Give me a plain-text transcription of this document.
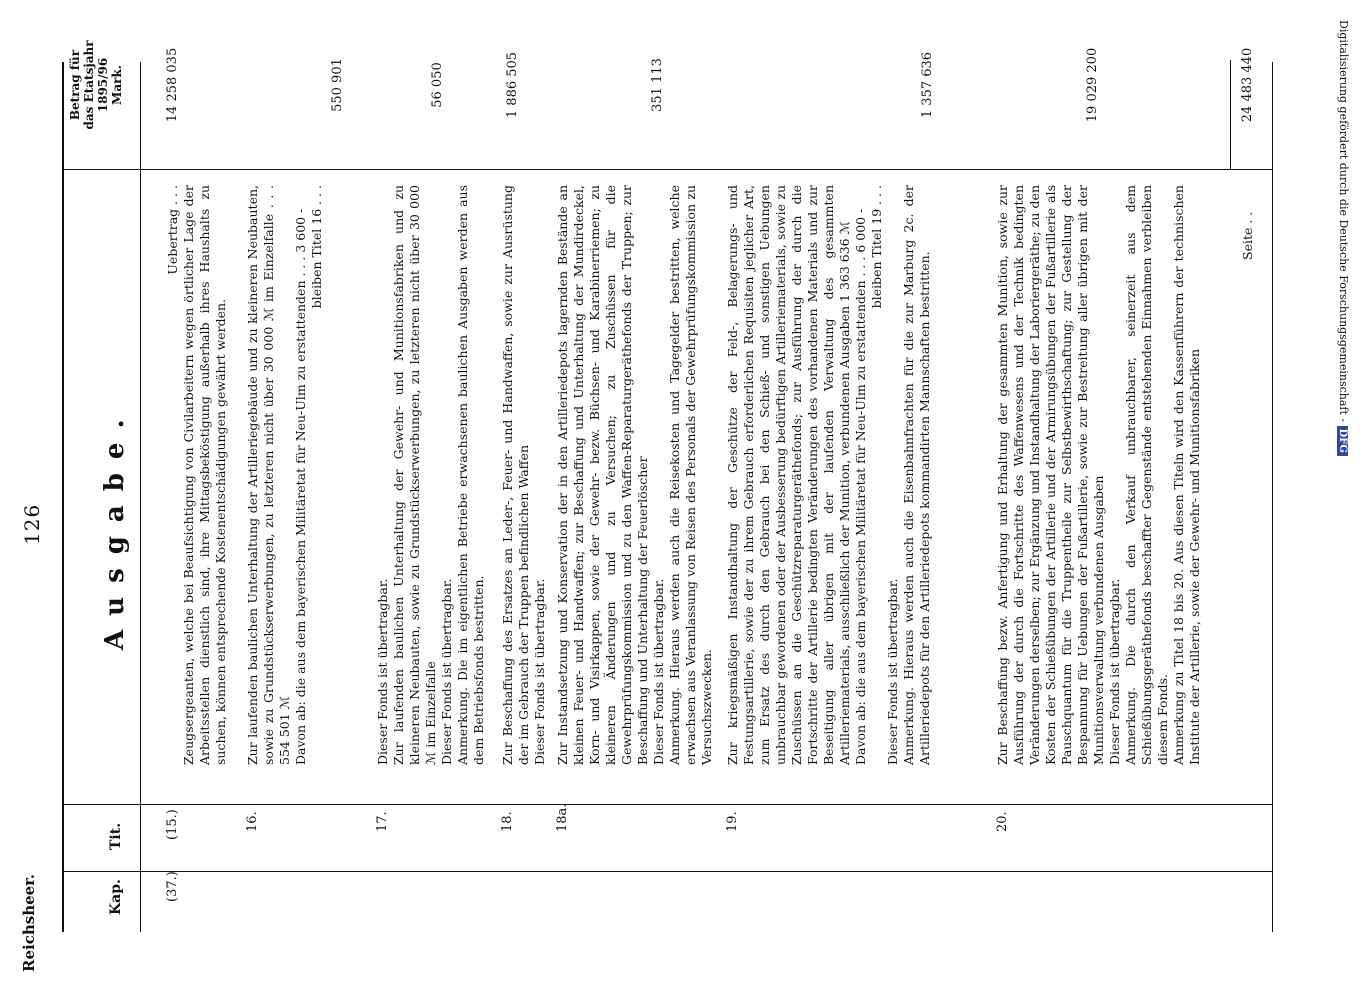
Reichsheer.
126
Kap.
Tit.
Ausgabe.
Betrag für das Etatsjahr 1895/96 Mark.
(37.)
(15.)

Uebertrag . . . Zeugsergeanten, welche bei Beaufsichtigung von Civilarbeitern wegen örtlicher Lage der Arbeitsstellen dienstlich sind, ihre Mittagsbeköstigung außerhalb ihres Haushalts zu suchen, können entsprechende Kostenentschädigungen gewährt werden.

14 258 035
16.

Zur laufenden baulichen Unterhaltung der Artilleriegebäude und zu kleineren Neubauten, sowie zu Grundstückserwerbungen, zu letzteren nicht über 30 000 ℳ im Einzelfalle . . . 554 501 ℳ Davon ab: die aus dem bayerischen Militäretat für Neu-Ulm zu erstattenden . . . 3 600 - bleiben Titel 16 . . .

550 901
17.

Dieser Fonds ist übertragbar. Zur laufenden baulichen Unterhaltung der Gewehr- und Munitionsfabriken und zu kleineren Neubauten, sowie zu Grundstückserwerbungen, zu letzteren nicht über 30 000 ℳ im Einzelfalle Dieser Fonds ist übertragbar. Anmerkung. Die im eigentlichen Betriebe erwachsenen baulichen Ausgaben werden aus dem Betriebsfonds bestritten.

56 050
18.

Zur Beschaffung des Ersatzes an Leder-, Feuer- und Handwaffen, sowie zur Ausrüstung der im Gebrauch der Truppen befindlichen Waffen Dieser Fonds ist übertragbar.

1 886 505
18a.

Zur Instandsetzung und Konservation der in den Artilleriedepots lagernden Bestände an kleinen Feuer- und Handwaffen; zur Beschaffung und Unterhaltung der Mundirdeckel, Korn- und Visirkappen, sowie der Gewehr- bezw. Büchsen- und Karabinerriemen; zu kleineren Änderungen und zu Versuchen; zu Zuschüssen für die Gewehrprüfungskommission und zu den Waffen-Reparaturgeräthefonds der Truppen; zur Beschaffung und Unterhaltung der Feuerlöscher Dieser Fonds ist übertragbar. Anmerkung. Hieraus werden auch die Reisekosten und Tagegelder bestritten, welche erwachsen aus Veranlassung von Reisen des Personals der Gewehrprüfungskommission zu Versuchszwecken.

351 113
19.

Zur kriegsmäßigen Instandhaltung der Geschütze der Feld-, Belagerungs- und Festungsartillerie, sowie der zu ihrem Gebrauch erforderlichen Requisiten jeglicher Art, zum Ersatz des durch den Gebrauch bei den Schieß- und sonstigen Uebungen unbrauchbar gewordenen oder der Ausbesserung bedürftigen Artilleriematerials, sowie zu Zuschüssen an die Geschützreparaturgeräthefonds; zur Ausführung der durch die Fortschritte der Artillerie bedingten Veränderungen des vorhandenen Materials und zur Beseitigung aller übrigen mit der laufenden Verwaltung des gesammten Artilleriematerials, ausschließlich der Munition, verbundenen Ausgaben 1 363 636 ℳ Davon ab: die aus dem bayerischen Militäretat für Neu-Ulm zu erstattenden . . . 6 000 - bleiben Titel 19 . . .

Dieser Fonds ist übertragbar. Anmerkung. Hieraus werden auch die Eisenbahnfrachten für die zur Marburg 2c. der Artilleriedepots für den Artilleriedepots kommandirten Mannschaften bestritten.

1 357 636
20.

Zur Beschaffung bezw. Anfertigung und Erhaltung der gesammten Munition, sowie zur Ausführung der durch die Fortschritte des Waffenwesens und der Technik bedingten Veränderungen derselben; zur Ergänzung und Instandhaltung der Laboriergeräthe; zu den Kosten der Schießübungen der Artillerie und der Armirungsübungen der Fußartillerie als Pauschquantum für die Truppentheile zur Selbstbewirthschaftung; zur Gestellung der Bespannung für Uebungen der Fußartillerie, sowie zur Bestreitung aller übrigen mit der Munitionsverwaltung verbundenen Ausgaben Dieser Fonds ist übertragbar. Anmerkung. Die durch den Verkauf unbrauchbarer, seinerzeit aus dem Schießübungsgeräthefonds beschaffter Gegenstände entstehenden Einnahmen verbleiben diesem Fonds. Anmerkung zu Titel 18 bis 20. Aus diesen Titeln wird den Kassenführern der technischen Institute der Artillerie, sowie der Gewehr- und Munitionsfabriken

19 029 200
Seite . .
24 483 440	Digitalisierung gefördert durch die Deutsche Forschungsgemeinschaft - DFG
